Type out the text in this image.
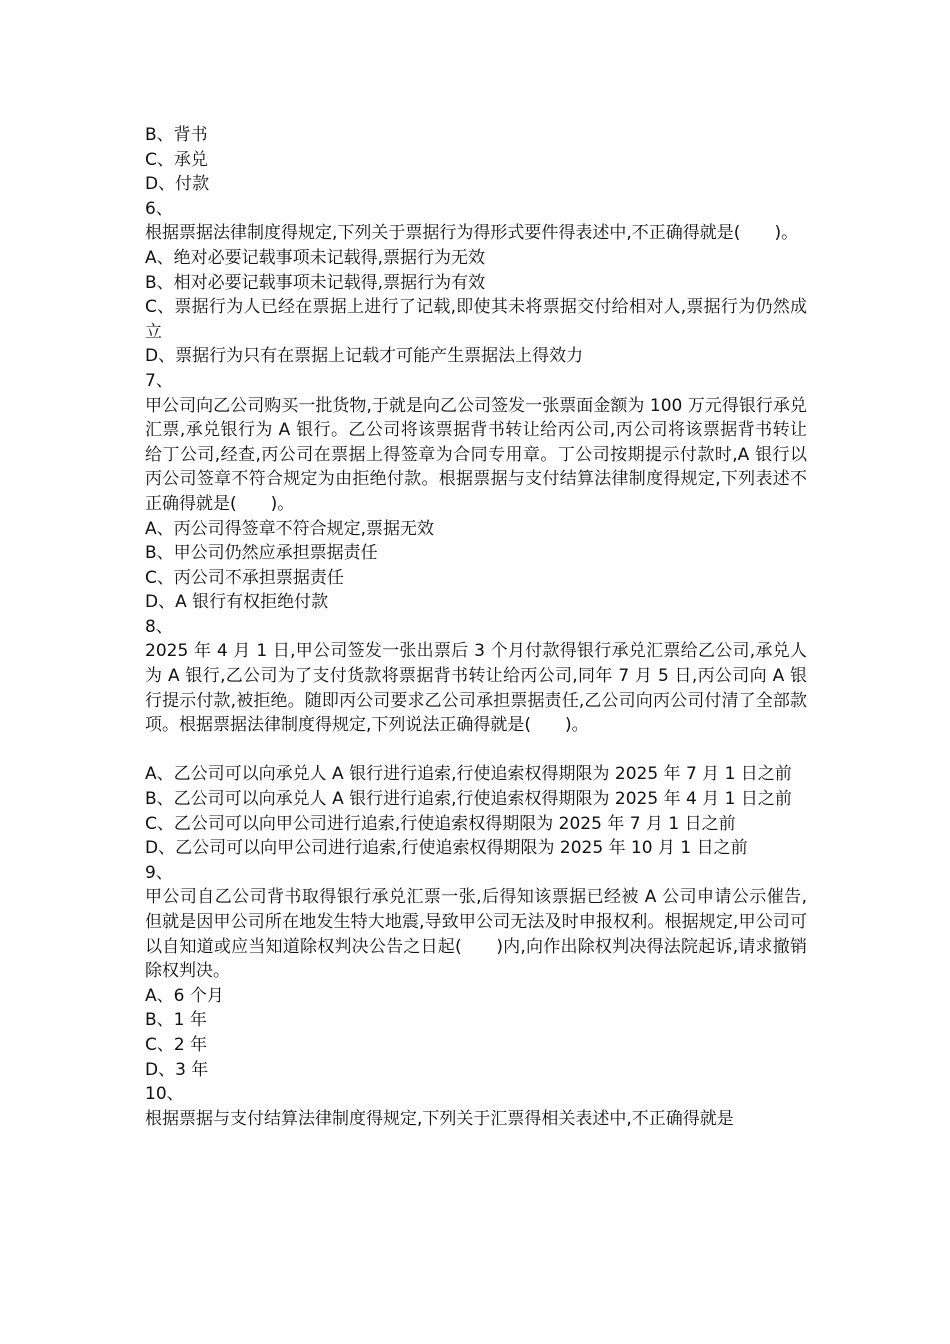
B、背书

C、承兑

D、付款

6、

根据票据法律制度得规定,下列关于票据行为得形式要件得表述中,不正确得就是(　　)。

A、绝对必要记载事项未记载得,票据行为无效

B、相对必要记载事项未记载得,票据行为有效

C、票据行为人已经在票据上进行了记载,即使其未将票据交付给相对人,票据行为仍然成立

D、票据行为只有在票据上记载才可能产生票据法上得效力

7、

甲公司向乙公司购买一批货物,于就是向乙公司签发一张票面金额为 100 万元得银行承兑汇票,承兑银行为 A 银行。乙公司将该票据背书转让给丙公司,丙公司将该票据背书转让给丁公司,经查,丙公司在票据上得签章为合同专用章。丁公司按期提示付款时,A 银行以丙公司签章不符合规定为由拒绝付款。根据票据与支付结算法律制度得规定,下列表述不正确得就是(　　)。

A、丙公司得签章不符合规定,票据无效

B、甲公司仍然应承担票据责任

C、丙公司不承担票据责任

D、A 银行有权拒绝付款

8、

2025 年 4 月 1 日,甲公司签发一张出票后 3 个月付款得银行承兑汇票给乙公司,承兑人为 A 银行,乙公司为了支付货款将票据背书转让给丙公司,同年 7 月 5 日,丙公司向 A 银行提示付款,被拒绝。随即丙公司要求乙公司承担票据责任,乙公司向丙公司付清了全部款项。根据票据法律制度得规定,下列说法正确得就是(　　)。

A、乙公司可以向承兑人 A 银行进行追索,行使追索权得期限为 2025 年 7 月 1 日之前

B、乙公司可以向承兑人 A 银行进行追索,行使追索权得期限为 2025 年 4 月 1 日之前

C、乙公司可以向甲公司进行追索,行使追索权得期限为 2025 年 7 月 1 日之前

D、乙公司可以向甲公司进行追索,行使追索权得期限为 2025 年 10 月 1 日之前

9、

甲公司自乙公司背书取得银行承兑汇票一张,后得知该票据已经被 A 公司申请公示催告,但就是因甲公司所在地发生特大地震,导致甲公司无法及时申报权利。根据规定,甲公司可以自知道或应当知道除权判决公告之日起(　　)内,向作出除权判决得法院起诉,请求撤销除权判决。

A、6 个月

B、1 年

C、2 年

D、3 年

10、

根据票据与支付结算法律制度得规定,下列关于汇票得相关表述中,不正确得就是
